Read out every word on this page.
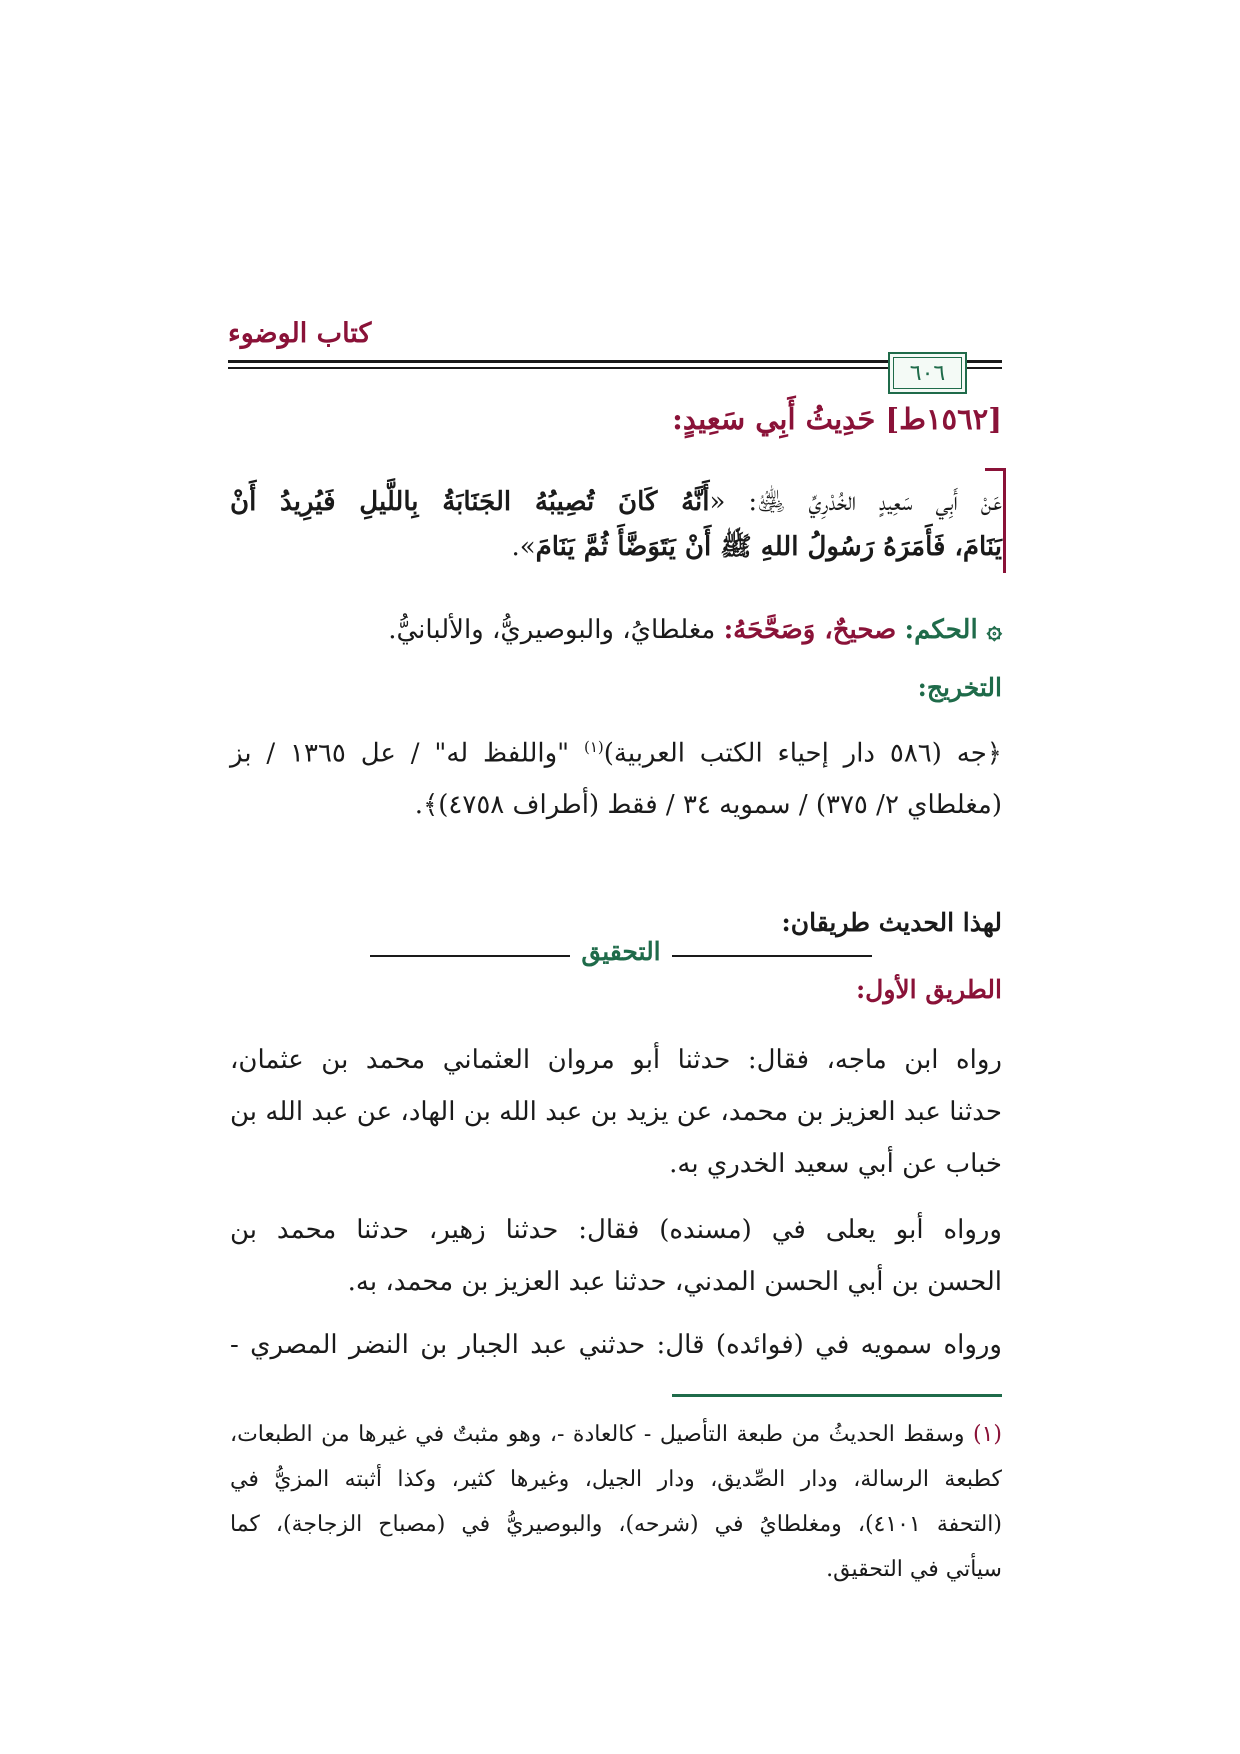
كتاب الوضوء
٦٠٦
[١٥٦٢ط] حَدِيثُ أَبِي سَعِيدٍ:
عَنْ أَبِي سَعِيدٍ الخُدْرِيِّ ﵁: «أَنَّهُ كَانَ تُصِيبُهُ الجَنَابَةُ بِاللَّيلِ فَيُرِيدُ أَنْ
يَنَامَ، فَأَمَرَهُ رَسُولُ اللهِ ﷺ أَنْ يَتَوَضَّأَ ثُمَّ يَنَامَ».
۞ الحكم: صحيحٌ، وَصَحَّحَهُ: مغلطايُ، والبوصيريُّ، والألبانيُّ.
التخريج:
﴿جه (٥٨٦ دار إحياء الكتب العربية)$^{(١)}$ "واللفظ له" / عل ١٣٦٥ / بز
(مغلطاي ٢/ ٣٧٥) / سمويه ٣٤ / فقط (أطراف ٤٧٥٨)﴾.
التحقيق
لهذا الحديث طريقان:
الطريق الأول:
رواه ابن ماجه، فقال: حدثنا أبو مروان العثماني محمد بن عثمان،
حدثنا عبد العزيز بن محمد، عن يزيد بن عبد الله بن الهاد، عن عبد الله بن
خباب عن أبي سعيد الخدري به.
ورواه أبو يعلى في (مسنده) فقال: حدثنا زهير، حدثنا محمد بن
الحسن بن أبي الحسن المدني، حدثنا عبد العزيز بن محمد، به.
ورواه سمويه في (فوائده) قال: حدثني عبد الجبار بن النضر المصري -
(١) وسقط الحديثُ من طبعة التأصيل - كالعادة -، وهو مثبتٌ في غيرها من الطبعات،
كطبعة الرسالة، ودار الصِّديق، ودار الجيل، وغيرها كثير، وكذا أثبته المزيُّ في
(التحفة ٤١٠١)، ومغلطايُ في (شرحه)، والبوصيريُّ في (مصباح الزجاجة)، كما
سيأتي في التحقيق.
